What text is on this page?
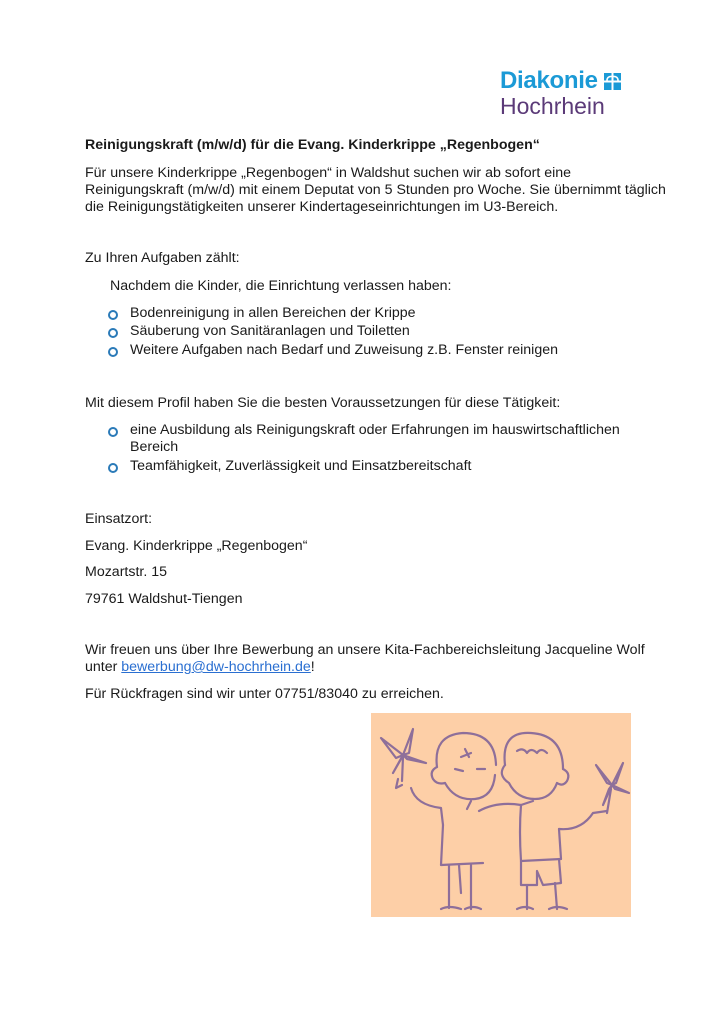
Diakonie
Hochrhein
Reinigungskraft (m/w/d) für die Evang. Kinderkrippe „Regenbogen“
Für unsere Kinderkrippe „Regenbogen“ in Waldshut suchen wir ab sofort eine
Reinigungskraft (m/w/d) mit einem Deputat von 5 Stunden pro Woche. Sie übernimmt täglich
die Reinigungstätigkeiten unserer Kindertageseinrichtungen im U3-Bereich.
Zu Ihren Aufgaben zählt:
Nachdem die Kinder, die Einrichtung verlassen haben:
Bodenreinigung in allen Bereichen der Krippe
Säuberung von Sanitäranlagen und Toiletten
Weitere Aufgaben nach Bedarf und Zuweisung z.B. Fenster reinigen
Mit diesem Profil haben Sie die besten Voraussetzungen für diese Tätigkeit:
eine Ausbildung als Reinigungskraft oder Erfahrungen im hauswirtschaftlichen
Bereich
Teamfähigkeit, Zuverlässigkeit und Einsatzbereitschaft
Einsatzort:
Evang. Kinderkrippe „Regenbogen“
Mozartstr. 15
79761 Waldshut-Tiengen
Wir freuen uns über Ihre Bewerbung an unsere Kita-Fachbereichsleitung Jacqueline Wolf
unter bewerbung@dw-hochrhein.de!
Für Rückfragen sind wir unter 07751/83040 zu erreichen.
